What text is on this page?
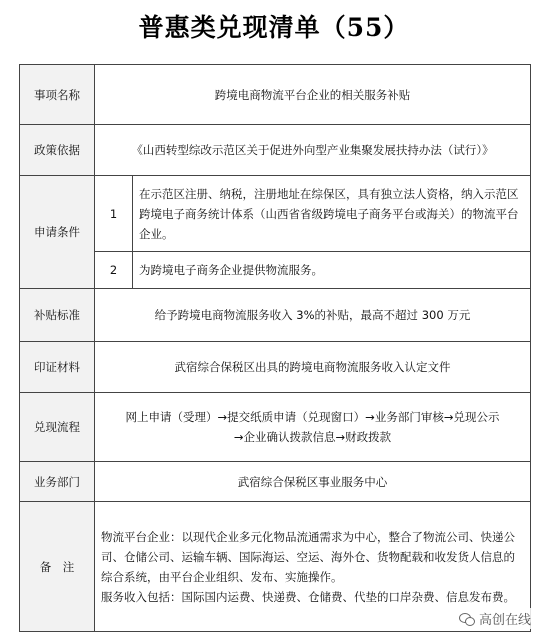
普惠类兑现清单（55）
事项名称	跨境电商物流平台企业的相关服务补贴	
政策依据	《山西转型综改示范区关于促进外向型产业集聚发展扶持办法（试行）》	
申请条件	1	在示范区注册、纳税，注册地址在综保区，具有独立法人资格，纳入示范区跨境电子商务统计体系（山西省省级跨境电子商务平台或海关）的物流平台企业。
	2	为跨境电子商务企业提供物流服务。
补贴标准	给予跨境电商物流服务收入 3%的补贴，最高不超过 300 万元	
印证材料	武宿综合保税区出具的跨境电商物流服务收入认定文件	
兑现流程	网上申请（受理）→提交纸质申请（兑现窗口）→业务部门审核→兑现公示
→企业确认拨款信息→财政拨款	

业务部门	武宿综合保税区事业服务中心	
备　注	物流平台企业：以现代企业多元化物品流通需求为中心，整合了物流公司、快递公司、仓储公司、运输车辆、国际海运、空运、海外仓、货物配载和收发货人信息的综合系统，由平台企业组织、发布、实施操作。
服务收入包括：国际国内运费、快递费、仓储费、代垫的口岸杂费、信息发布费。	
高创在线
